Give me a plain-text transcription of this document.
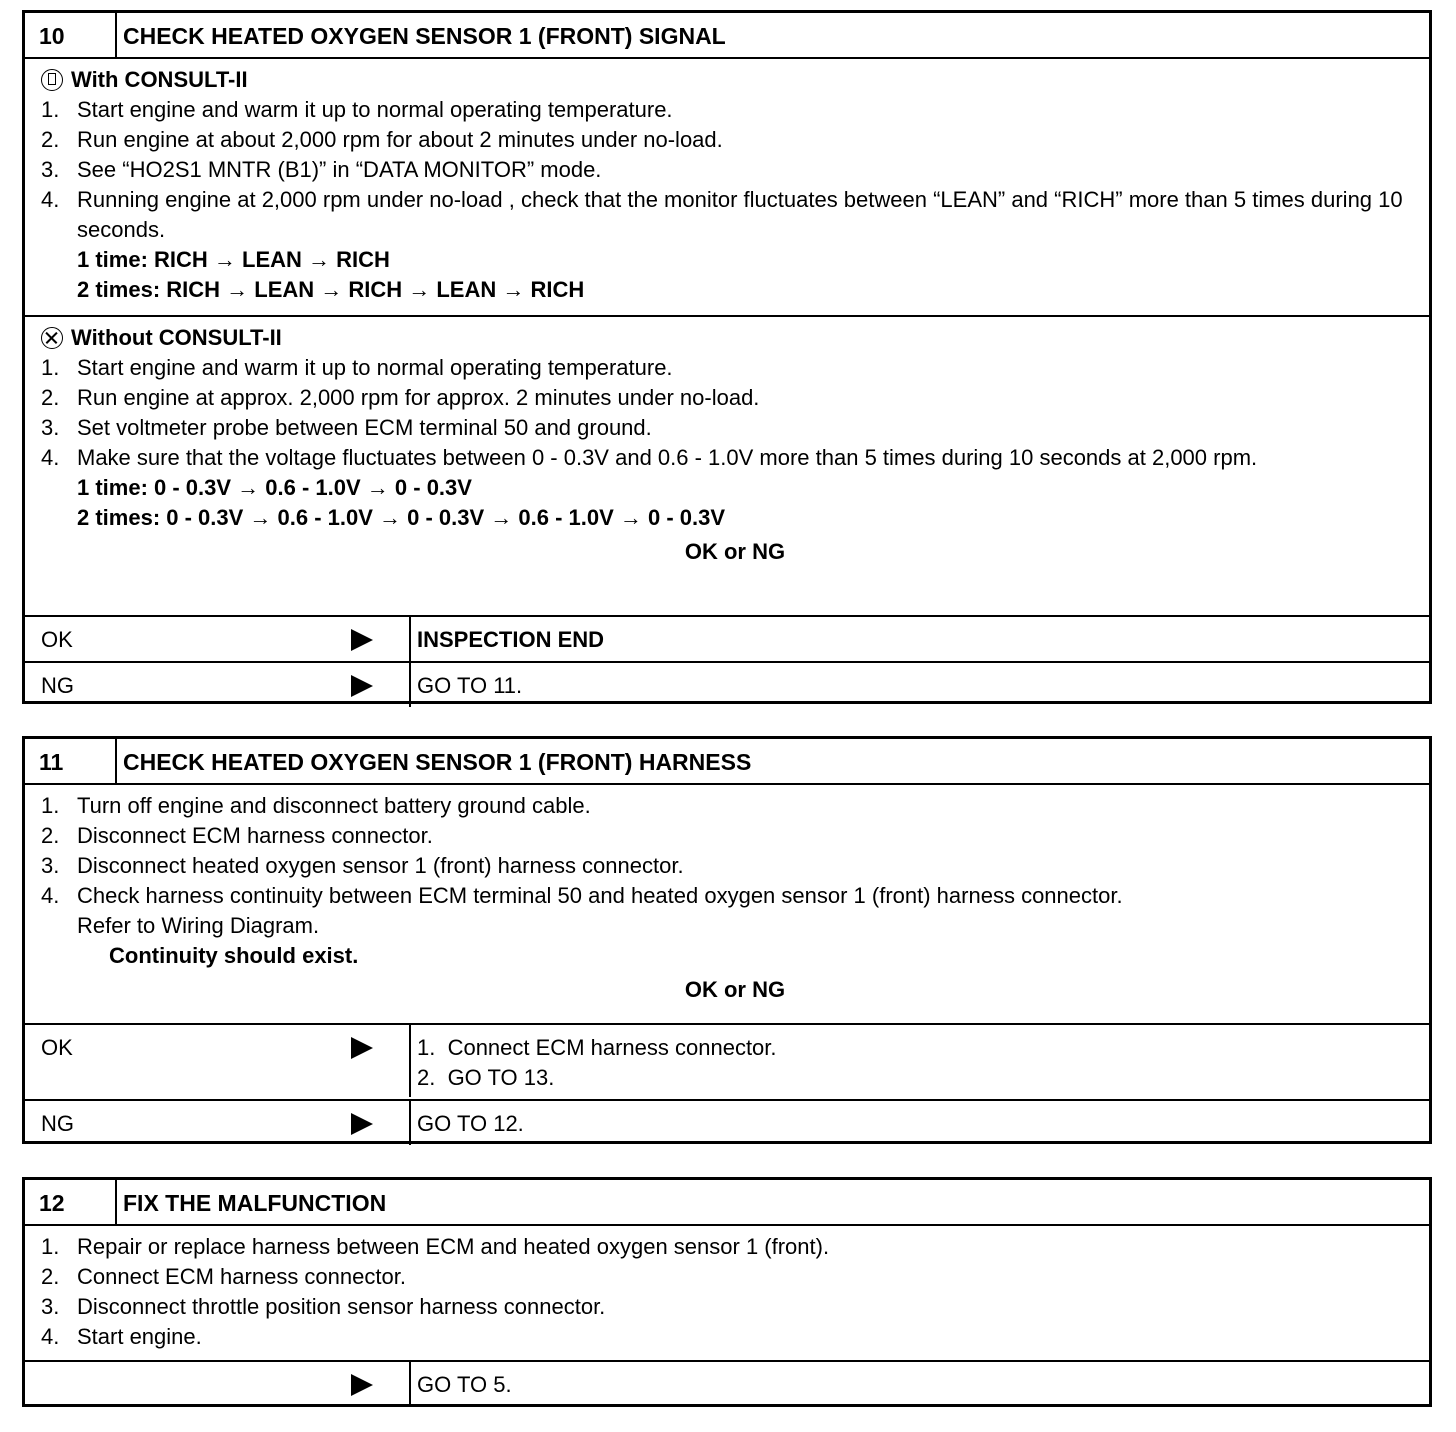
10	CHECK HEATED OXYGEN SENSOR 1 (FRONT) SIGNAL
With CONSULT-II
1. Start engine and warm it up to normal operating temperature.
2. Run engine at about 2,000 rpm for about 2 minutes under no-load.
3. See “HO2S1 MNTR (B1)” in “DATA MONITOR” mode.
4. Running engine at 2,000 rpm under no-load , check that the monitor fluctuates between “LEAN” and “RICH” more than 5 times during 10 seconds.
1 time: RICH → LEAN → RICH
2 times: RICH → LEAN → RICH → LEAN → RICH
Without CONSULT-II
1. Start engine and warm it up to normal operating temperature.
2. Run engine at approx. 2,000 rpm for approx. 2 minutes under no-load.
3. Set voltmeter probe between ECM terminal 50 and ground.
4. Make sure that the voltage fluctuates between 0 - 0.3V and 0.6 - 1.0V more than 5 times during 10 seconds at 2,000 rpm.
1 time: 0 - 0.3V → 0.6 - 1.0V → 0 - 0.3V
2 times: 0 - 0.3V → 0.6 - 1.0V → 0 - 0.3V → 0.6 - 1.0V → 0 - 0.3V
OK or NG
OK	INSPECTION END
NG	GO TO 11.
11	CHECK HEATED OXYGEN SENSOR 1 (FRONT) HARNESS
1. Turn off engine and disconnect battery ground cable.
2. Disconnect ECM harness connector.
3. Disconnect heated oxygen sensor 1 (front) harness connector.
4. Check harness continuity between ECM terminal 50 and heated oxygen sensor 1 (front) harness connector.
Refer to Wiring Diagram.
Continuity should exist.
OK or NG
OK	1.  Connect ECM harness connector.
2.  GO TO 13.
NG	GO TO 12.
12	FIX THE MALFUNCTION
1. Repair or replace harness between ECM and heated oxygen sensor 1 (front).
2. Connect ECM harness connector.
3. Disconnect throttle position sensor harness connector.
4. Start engine.
GO TO 5.
